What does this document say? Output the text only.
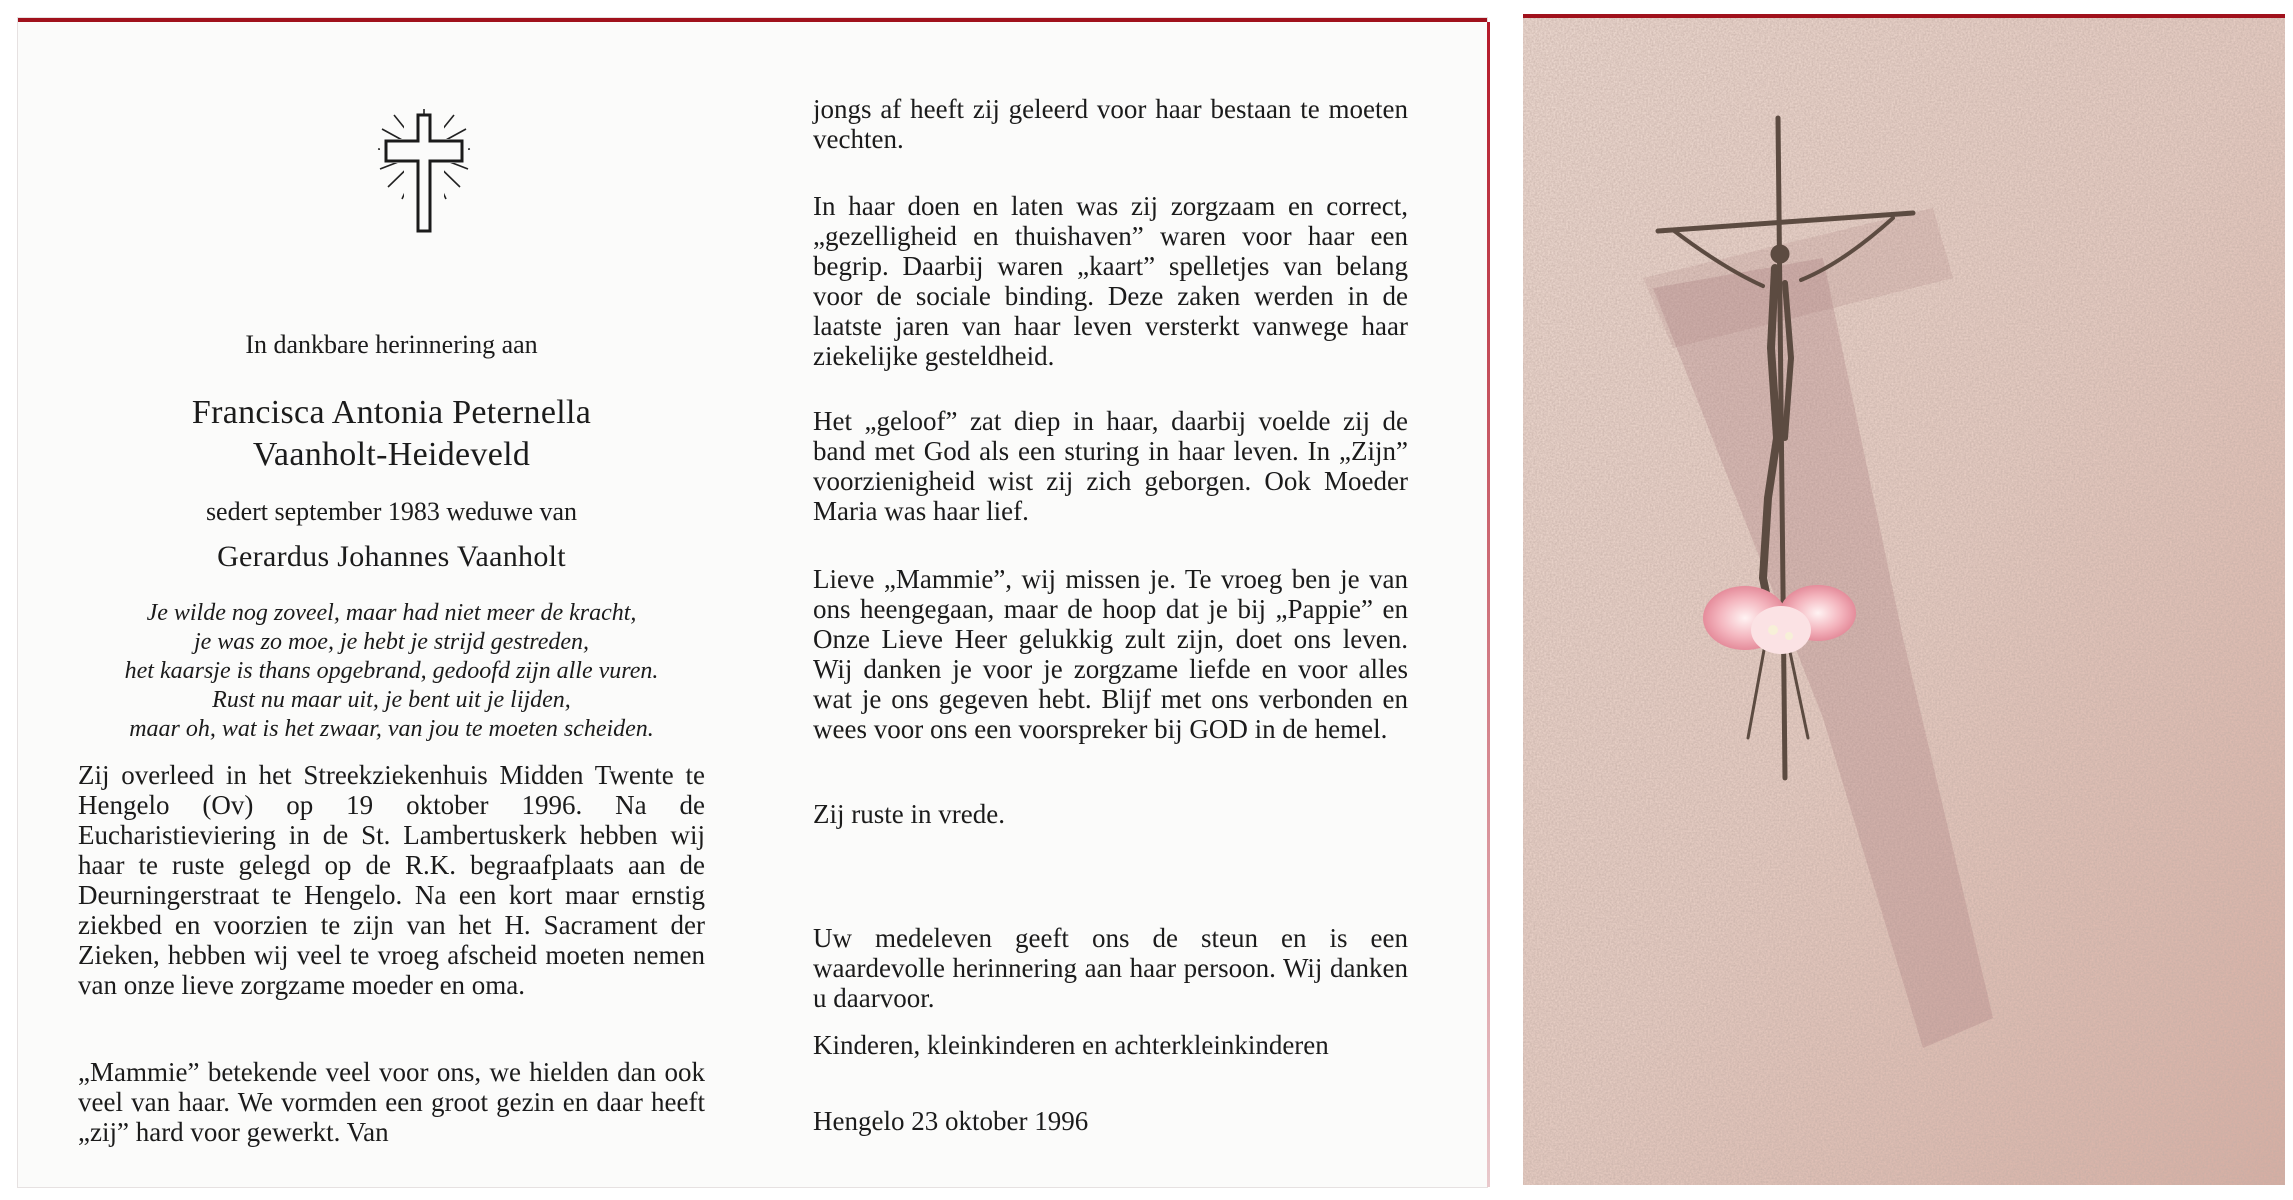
In dankbare herinnering aan
Francisca Antonia Peternella
Vaanholt-Heideveld
sedert september 1983 weduwe van
Gerardus Johannes Vaanholt
Je wilde nog zoveel, maar had niet meer de kracht,
je was zo moe, je hebt je strijd gestreden,
het kaarsje is thans opgebrand, gedoofd zijn alle vuren.
Rust nu maar uit, je bent uit je lijden,
maar oh, wat is het zwaar, van jou te moeten scheiden.

Zij overleed in het Streekziekenhuis Midden Twente te Hengelo (Ov) op 19 oktober 1996. Na de Eucharistieviering in de St. Lambertuskerk hebben wij haar te ruste gelegd op de R.K. begraafplaats aan de Deurningerstraat te Hengelo. Na een kort maar ernstig ziekbed en voorzien te zijn van het H. Sacrament der Zieken, hebben wij veel te vroeg afscheid moeten nemen van onze lieve zorgzame moeder en oma.

„Mammie” betekende veel voor ons, we hielden dan ook veel van haar. We vormden een groot gezin en daar heeft „zij” hard voor gewerkt. Van

jongs af heeft zij geleerd voor haar bestaan te moeten vechten.

In haar doen en laten was zij zorgzaam en correct, „gezelligheid en thuishaven” waren voor haar een begrip. Daarbij waren „kaart” spelletjes van belang voor de sociale binding. Deze zaken werden in de laatste jaren van haar leven versterkt vanwege haar ziekelijke gesteldheid.

Het „geloof” zat diep in haar, daarbij voelde zij de band met God als een sturing in haar leven. In „Zijn” voorzienigheid wist zij zich geborgen. Ook Moeder Maria was haar lief.

Lieve „Mammie”, wij missen je. Te vroeg ben je van ons heengegaan, maar de hoop dat je bij „Pappie” en Onze Lieve Heer gelukkig zult zijn, doet ons leven. Wij danken je voor je zorgzame liefde en voor alles wat je ons gegeven hebt. Blijf met ons verbonden en wees voor ons een voorspreker bij GOD in de hemel.

Zij ruste in vrede.

Uw medeleven geeft ons de steun en is een waardevolle herinnering aan haar persoon. Wij danken u daarvoor.

Kinderen, kleinkinderen en achterkleinkinderen

Hengelo 23 oktober 1996
